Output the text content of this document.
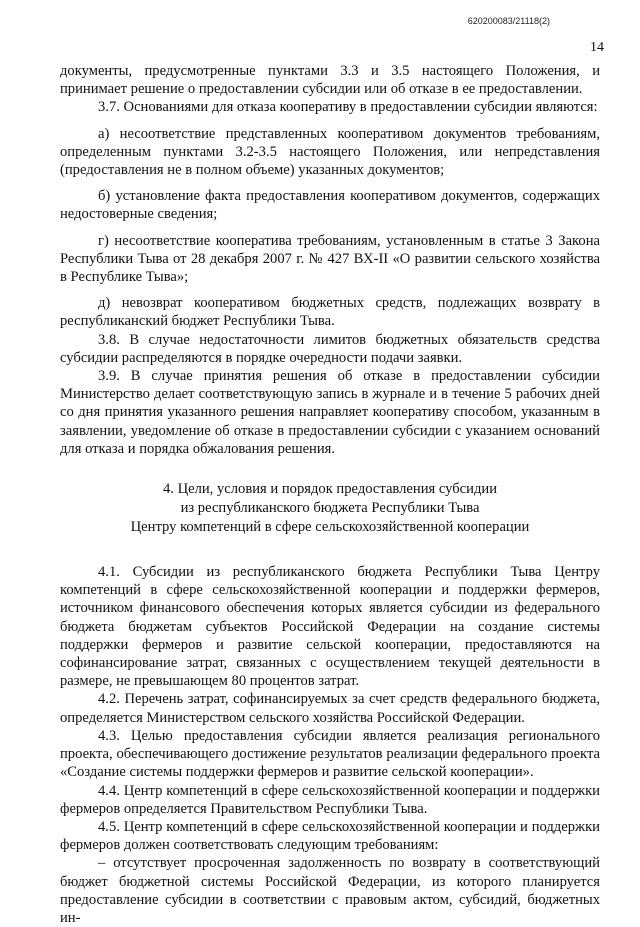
620200083/21118(2)
14

документы, предусмотренные пунктами 3.3 и 3.5 настоящего Положения, и принимает решение о предоставлении субсидии или об отказе в ее предоставлении.

3.7. Основаниями для отказа кооперативу в предоставлении субсидии являются:

а) несоответствие представленных кооперативом документов требованиям, определенным пунктами 3.2-3.5 настоящего Положения, или непредставления (предоставления не в полном объеме) указанных документов;

б) установление факта предоставления кооперативом документов, содержащих недостоверные сведения;

г) несоответствие кооператива требованиям, установленным в статье 3 Закона Республики Тыва от 28 декабря 2007 г. № 427 ВХ-II «О развитии сельского хозяйства в Республике Тыва»;

д) невозврат кооперативом бюджетных средств, подлежащих возврату в республиканский бюджет Республики Тыва.

3.8. В случае недостаточности лимитов бюджетных обязательств средства субсидии распределяются в порядке очередности подачи заявки.

3.9. В случае принятия решения об отказе в предоставлении субсидии Министерство делает соответствующую запись в журнале и в течение 5 рабочих дней со дня принятия указанного решения направляет кооперативу способом, указанным в заявлении, уведомление об отказе в предоставлении субсидии с указанием оснований для отказа и порядка обжалования решения.

4. Цели, условия и порядок предоставления субсидии
из республиканского бюджета Республики Тыва
Центру компетенций в сфере сельскохозяйственной кооперации

4.1. Субсидии из республиканского бюджета Республики Тыва Центру компетенций в сфере сельскохозяйственной кооперации и поддержки фермеров, источником финансового обеспечения которых является субсидии из федерального бюджета бюджетам субъектов Российской Федерации на создание системы поддержки фермеров и развитие сельской кооперации, предоставляются на софинансирование затрат, связанных с осуществлением текущей деятельности в размере, не превышающем 80 процентов затрат.

4.2. Перечень затрат, софинансируемых за счет средств федерального бюджета, определяется Министерством сельского хозяйства Российской Федерации.

4.3. Целью предоставления субсидии является реализация регионального проекта, обеспечивающего достижение результатов реализации федерального проекта «Создание системы поддержки фермеров и развитие сельской кооперации».

4.4. Центр компетенций в сфере сельскохозяйственной кооперации и поддержки фермеров определяется Правительством Республики Тыва.

4.5. Центр компетенций в сфере сельскохозяйственной кооперации и поддержки фермеров должен соответствовать следующим требованиям:

– отсутствует просроченная задолженность по возврату в соответствующий бюджет бюджетной системы Российской Федерации, из которого планируется предоставление субсидии в соответствии с правовым актом, субсидий, бюджетных ин-
